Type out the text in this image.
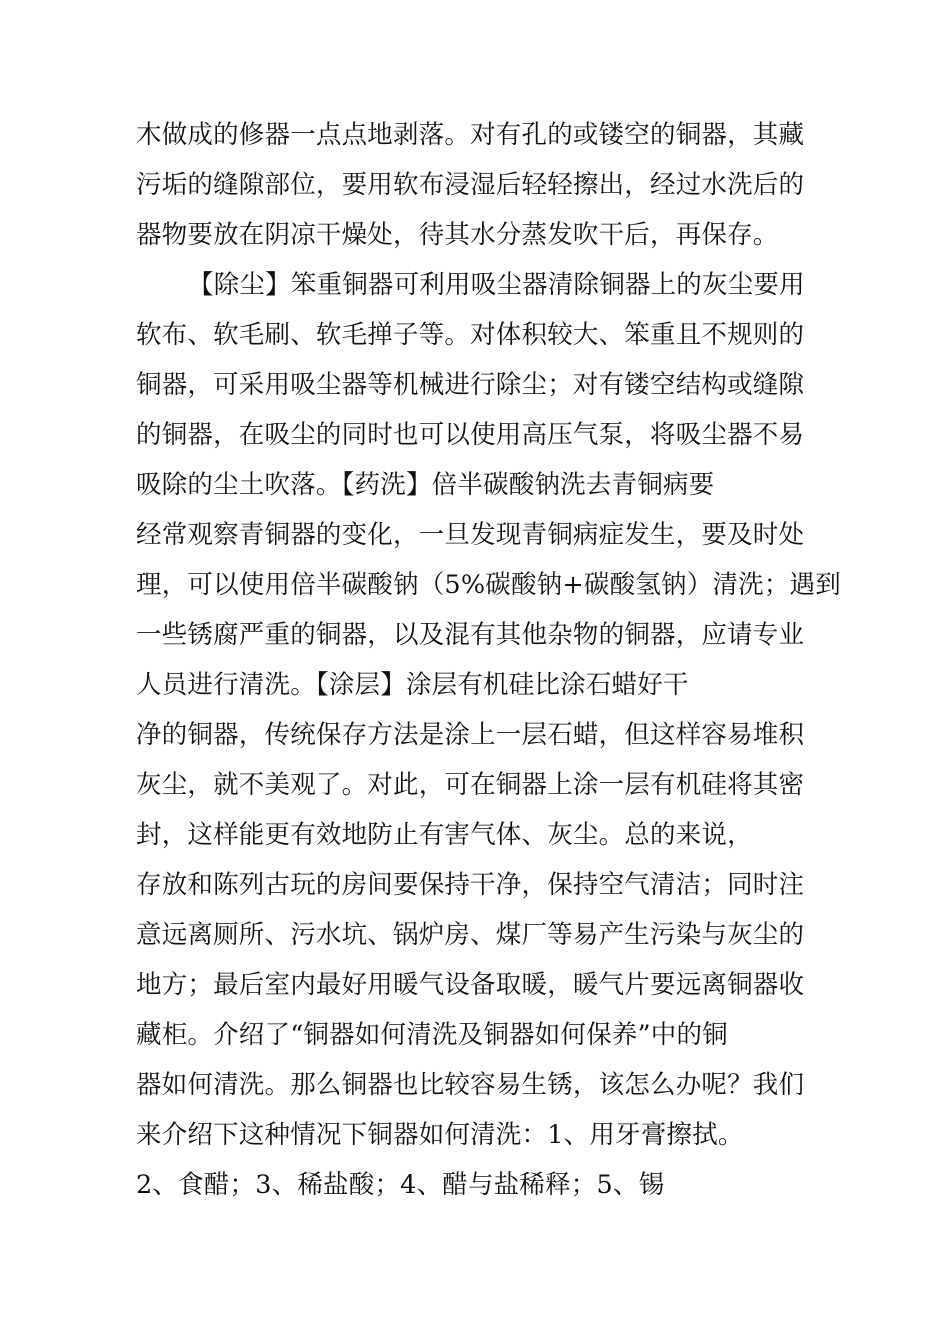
木做成的修器一点点地剥落。对有孔的或镂空的铜器，其藏

污垢的缝隙部位，要用软布浸湿后轻轻擦出，经过水洗后的

器物要放在阴凉干燥处，待其水分蒸发吹干后，再保存。

【除尘】笨重铜器可利用吸尘器清除铜器上的灰尘要用

软布、软毛刷、软毛掸子等。对体积较大、笨重且不规则的

铜器，可采用吸尘器等机械进行除尘；对有镂空结构或缝隙

的铜器，在吸尘的同时也可以使用高压气泵，将吸尘器不易

吸除的尘土吹落。【药洗】倍半碳酸钠洗去青铜病要

经常观察青铜器的变化，一旦发现青铜病症发生，要及时处

理，可以使用倍半碳酸钠（5%碳酸钠+碳酸氢钠）清洗；遇到

一些锈腐严重的铜器，以及混有其他杂物的铜器，应请专业

人员进行清洗。【涂层】涂层有机硅比涂石蜡好干

净的铜器，传统保存方法是涂上一层石蜡，但这样容易堆积

灰尘，就不美观了。对此，可在铜器上涂一层有机硅将其密

封，这样能更有效地防止有害气体、灰尘。总的来说，

存放和陈列古玩的房间要保持干净，保持空气清洁；同时注

意远离厕所、污水坑、锅炉房、煤厂等易产生污染与灰尘的

地方；最后室内最好用暖气设备取暖，暖气片要远离铜器收

藏柜。介绍了“铜器如何清洗及铜器如何保养”中的铜

器如何清洗。那么铜器也比较容易生锈，该怎么办呢？我们

来介绍下这种情况下铜器如何清洗：1、用牙膏擦拭。

2、食醋；3、稀盐酸；4、醋与盐稀释；5、锡
